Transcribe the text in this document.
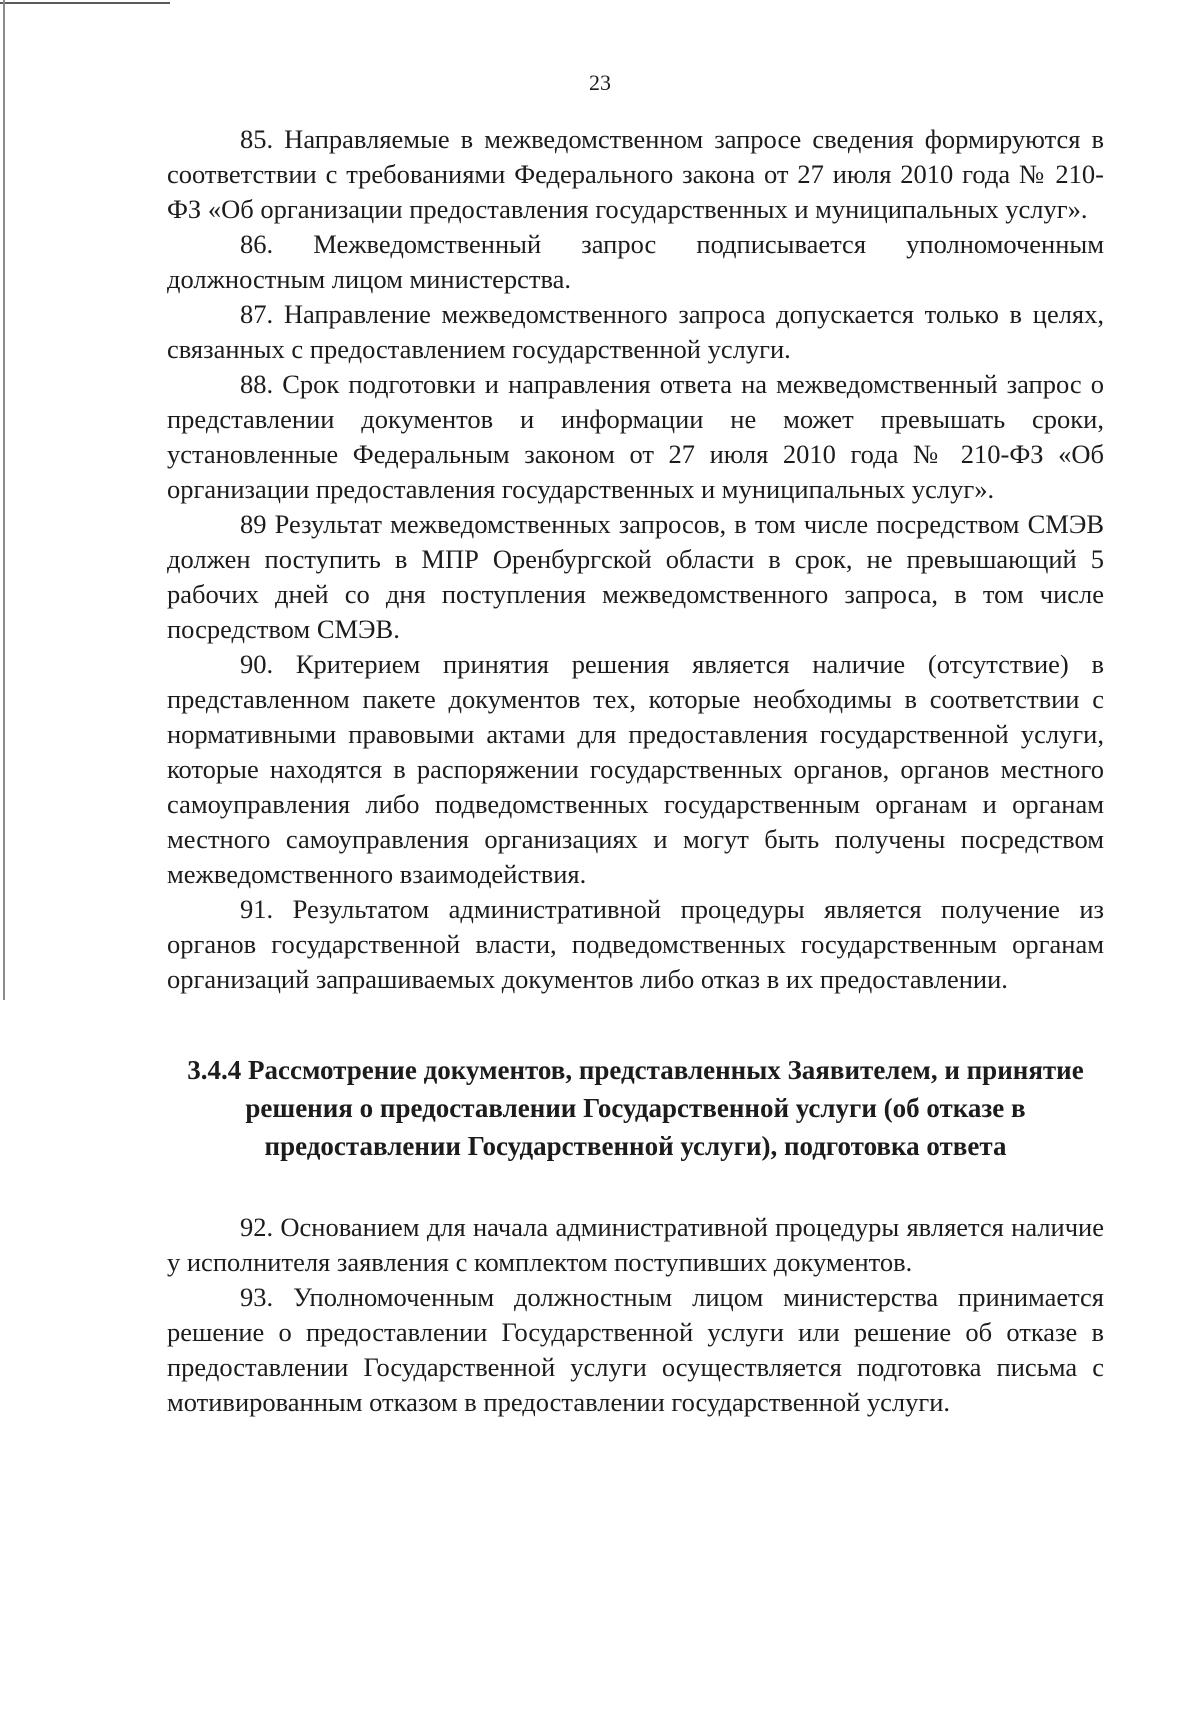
23

85. Направляемые в межведомственном запросе сведения формируются в соответствии с требованиями Федерального закона от 27 июля 2010 года № 210-ФЗ «Об организации предоставления государственных и муниципальных услуг».

86. Межведомственный запрос подписывается уполномоченным должностным лицом министерства.

87. Направление межведомственного запроса допускается только в целях, связанных с предоставлением государственной услуги.

88. Срок подготовки и направления ответа на межведомственный запрос о представлении документов и информации не может превышать сроки, установленные Федеральным законом от 27 июля 2010 года № 210-ФЗ «Об организации предоставления государственных и муниципальных услуг».

89 Результат межведомственных запросов, в том числе посредством СМЭВ должен поступить в МПР Оренбургской области в срок, не превышающий 5 рабочих дней со дня поступления межведомственного запроса, в том числе посредством СМЭВ.

90. Критерием принятия решения является наличие (отсутствие) в представленном пакете документов тех, которые необходимы в соответствии с нормативными правовыми актами для предоставления государственной услуги, которые находятся в распоряжении государственных органов, органов местного самоуправления либо подведомственных государственным органам и органам местного самоуправления организациях и могут быть получены посредством межведомственного взаимодействия.

91. Результатом административной процедуры является получение из органов государственной власти, подведомственных государственным органам организаций запрашиваемых документов либо отказ в их предоставлении.

3.4.4 Рассмотрение документов, представленных Заявителем, и принятие решения о предоставлении Государственной услуги (об отказе в предоставлении Государственной услуги), подготовка ответа

92. Основанием для начала административной процедуры является наличие у исполнителя заявления с комплектом поступивших документов.

93. Уполномоченным должностным лицом министерства принимается решение о предоставлении Государственной услуги или решение об отказе в предоставлении Государственной услуги осуществляется подготовка письма с мотивированным отказом в предоставлении государственной услуги.
